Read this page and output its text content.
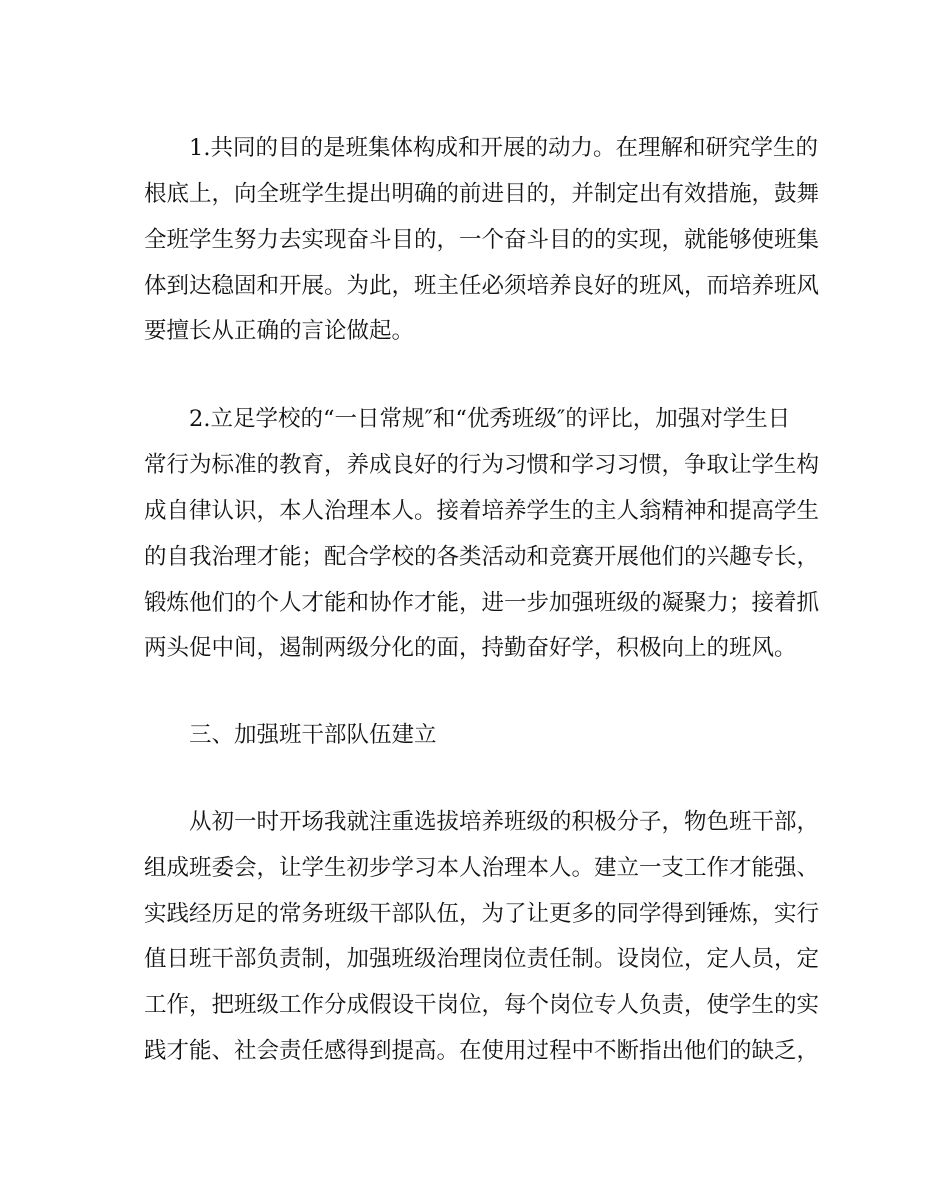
1.共同的目的是班集体构成和开展的动力。在理解和研究学生的
根底上，向全班学生提出明确的前进目的，并制定出有效措施，鼓舞
全班学生努力去实现奋斗目的，一个奋斗目的的实现，就能够使班集
体到达稳固和开展。为此，班主任必须培养良好的班风，而培养班风
要擅长从正确的言论做起。
2.立足学校的“一日常规″和“优秀班级″的评比，加强对学生日
常行为标准的教育，养成良好的行为习惯和学习习惯，争取让学生构
成自律认识，本人治理本人。接着培养学生的主人翁精神和提高学生
的自我治理才能；配合学校的各类活动和竞赛开展他们的兴趣专长，
锻炼他们的个人才能和协作才能，进一步加强班级的凝聚力；接着抓
两头促中间，遏制两级分化的面，持勤奋好学，积极向上的班风。
三、加强班干部队伍建立
从初一时开场我就注重选拔培养班级的积极分子，物色班干部，
组成班委会，让学生初步学习本人治理本人。建立一支工作才能强、
实践经历足的常务班级干部队伍，为了让更多的同学得到锤炼，实行
值日班干部负责制，加强班级治理岗位责任制。设岗位，定人员，定
工作，把班级工作分成假设干岗位，每个岗位专人负责，使学生的实
践才能、社会责任感得到提高。在使用过程中不断指出他们的缺乏，
